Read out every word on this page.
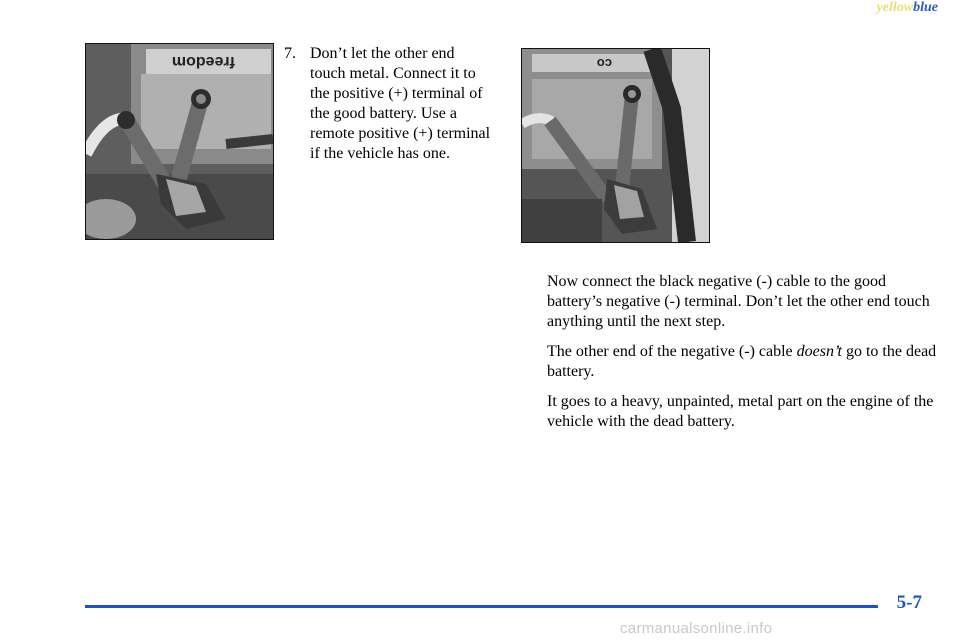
yellowblue
freedom	7. Don’t let the other end touch metal. Connect it to the positive (+) terminal of the good battery. Use a remote positive (+) terminal if the vehicle has one.
co

Now connect the black negative (-) cable to the good battery’s negative (-) terminal. Don’t let the other end touch anything until the next step.

The other end of the negative (-) cable doesn’t go to the dead battery.

It goes to a heavy, unpainted, metal part on the engine of the vehicle with the dead battery.

5-7
carmanualsonline.info
